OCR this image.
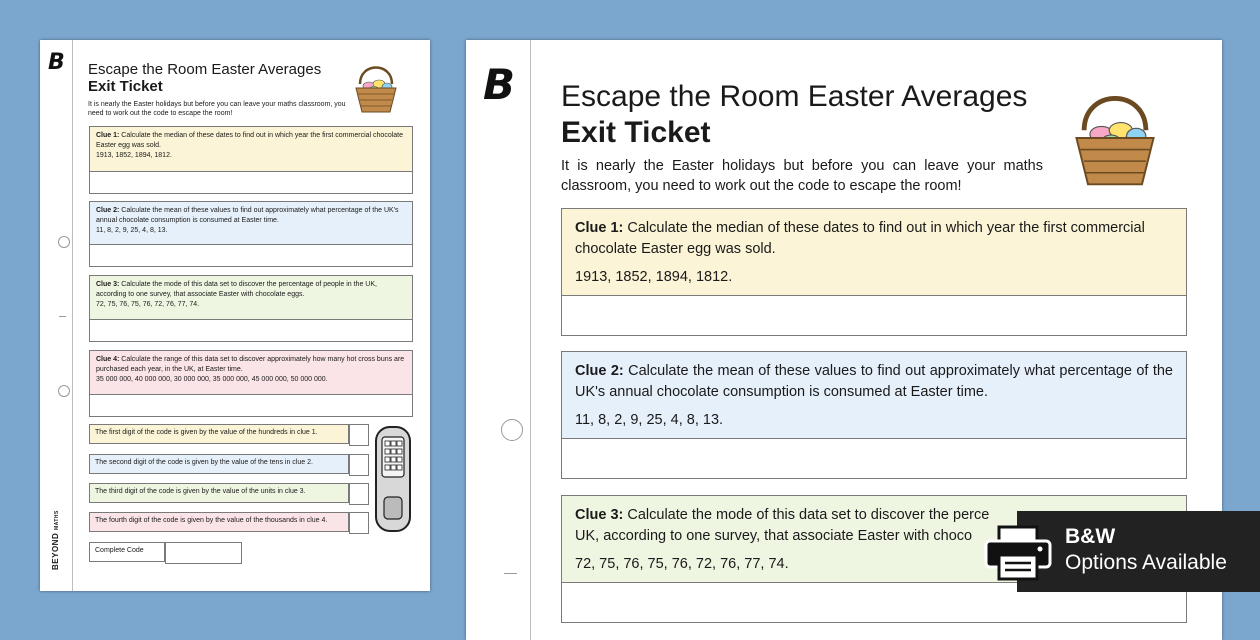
B
BEYOND MATHS
Escape the Room Easter Averages
Exit Ticket
It is nearly the Easter holidays but before you can leave your maths classroom, you need to work out the code to escape the room!
Clue 1: Calculate the median of these dates to find out in which year the first commercial chocolate Easter egg was sold.
1913, 1852, 1894, 1812.
Clue 2: Calculate the mean of these values to find out approximately what percentage of the UK's annual chocolate consumption is consumed at Easter time.
11, 8, 2, 9, 25, 4, 8, 13.
Clue 3: Calculate the mode of this data set to discover the percentage of people in the UK, according to one survey, that associate Easter with chocolate eggs.
72, 75, 76, 75, 76, 72, 76, 77, 74.
Clue 4: Calculate the range of this data set to discover approximately how many hot cross buns are purchased each year, in the UK, at Easter time.
35 000 000, 40 000 000, 30 000 000, 35 000 000, 45 000 000, 50 000 000.
The first digit of the code is given by the value of the hundreds in clue 1.
The second digit of the code is given by the value of the tens in clue 2.
The third digit of the code is given by the value of the units in clue 3.
The fourth digit of the code is given by the value of the thousands in clue 4.
Complete Code
B Escape the Room Easter Averages
Exit Ticket
It is nearly the Easter holidays but before you can leave your maths classroom, you need to work out the code to escape the room!
Clue 1: Calculate the median of these dates to find out in which year the first commercial chocolate Easter egg was sold.
1913, 1852, 1894, 1812.
Clue 2: Calculate the mean of these values to find out approximately what percentage of the UK's annual chocolate consumption is consumed at Easter time.
11, 8, 2, 9, 25, 4, 8, 13.
Clue 3: Calculate the mode of this data set to discover the perce
UK, according to one survey, that associate Easter with choco
72, 75, 76, 75, 76, 72, 76, 77, 74.
B&W
Options Available
